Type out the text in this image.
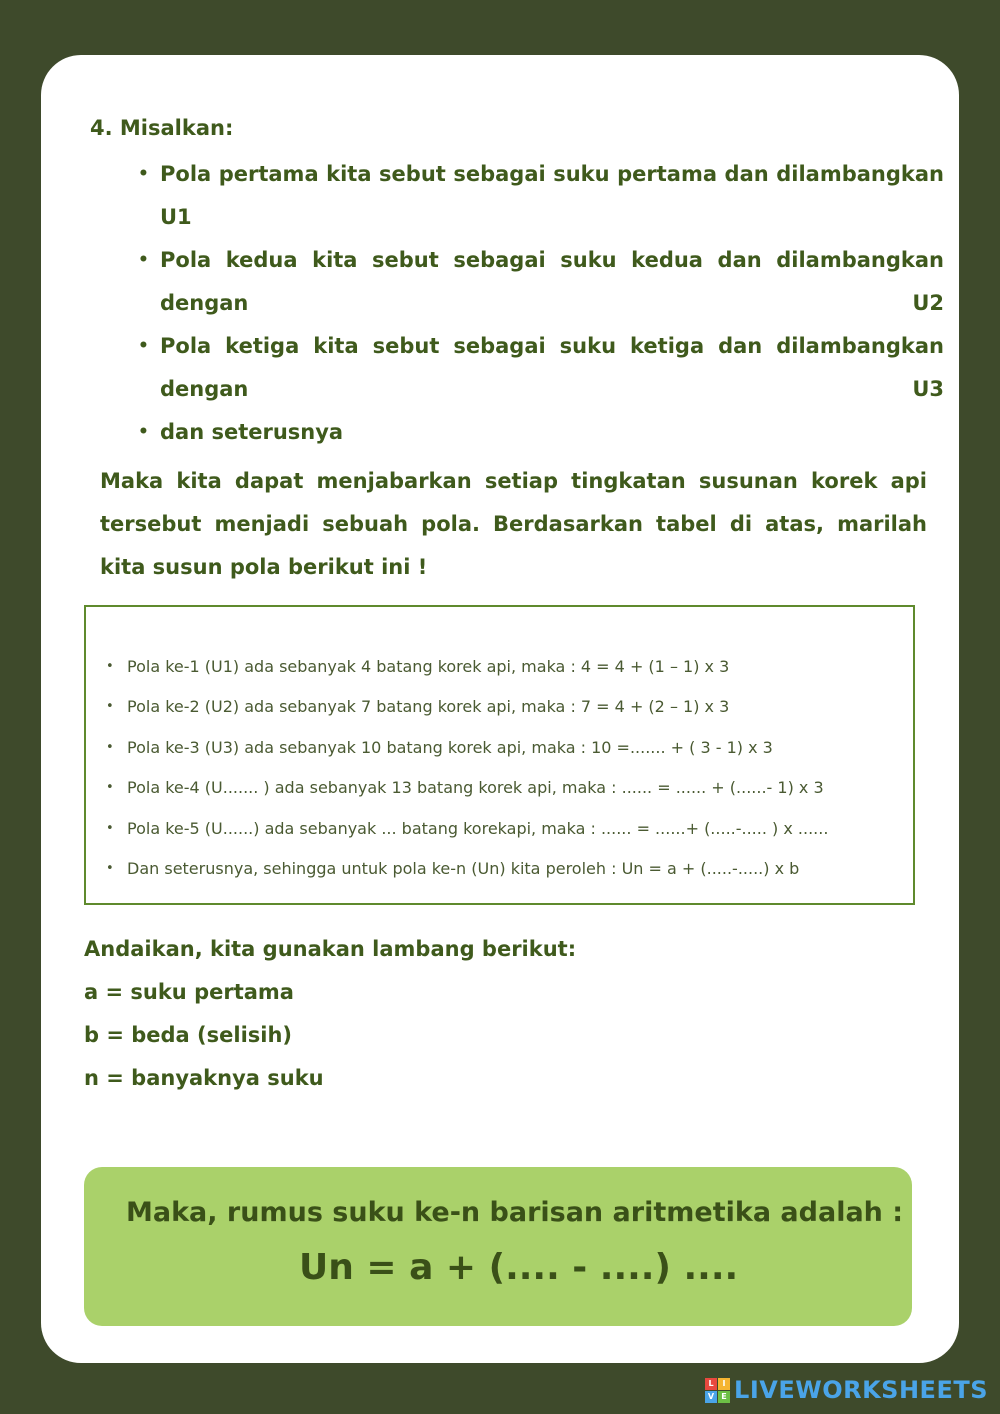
4. Misalkan:
• Pola pertama kita sebut sebagai suku pertama dan dilambangkan U1
• Pola kedua kita sebut sebagai suku kedua dan dilambangkan dengan U2
• Pola ketiga kita sebut sebagai suku ketiga dan dilambangkan dengan U3
• dan seterusnya
Maka kita dapat menjabarkan setiap tingkatan susunan korek api tersebut menjadi sebuah pola. Berdasarkan tabel di atas, marilah kita susun pola berikut ini !
• Pola ke-1 (U1) ada sebanyak 4 batang korek api, maka : 4 = 4 + (1 – 1) x 3
• Pola ke-2 (U2) ada sebanyak 7 batang korek api, maka : 7 = 4 + (2 – 1) x 3
• Pola ke-3 (U3) ada sebanyak 10 batang korek api, maka : 10 =....... + ( 3 - 1) x 3
• Pola ke-4 (U....... ) ada sebanyak 13 batang korek api, maka : ...... = ...... + (......- 1) x 3
• Pola ke-5 (U......) ada sebanyak ... batang korekapi, maka : ...... = ......+ (.....-..... ) x ......
• Dan seterusnya, sehingga untuk pola ke-n (Un) kita peroleh : Un = a + (.....-.....) x b
Andaikan, kita gunakan lambang berikut:
a = suku pertama
b = beda (selisih)
n = banyaknya suku
Maka, rumus suku ke-n barisan aritmetika adalah :
Un = a + (.... - ....) ....
L	I
V E LIVEWORKSHEETS
